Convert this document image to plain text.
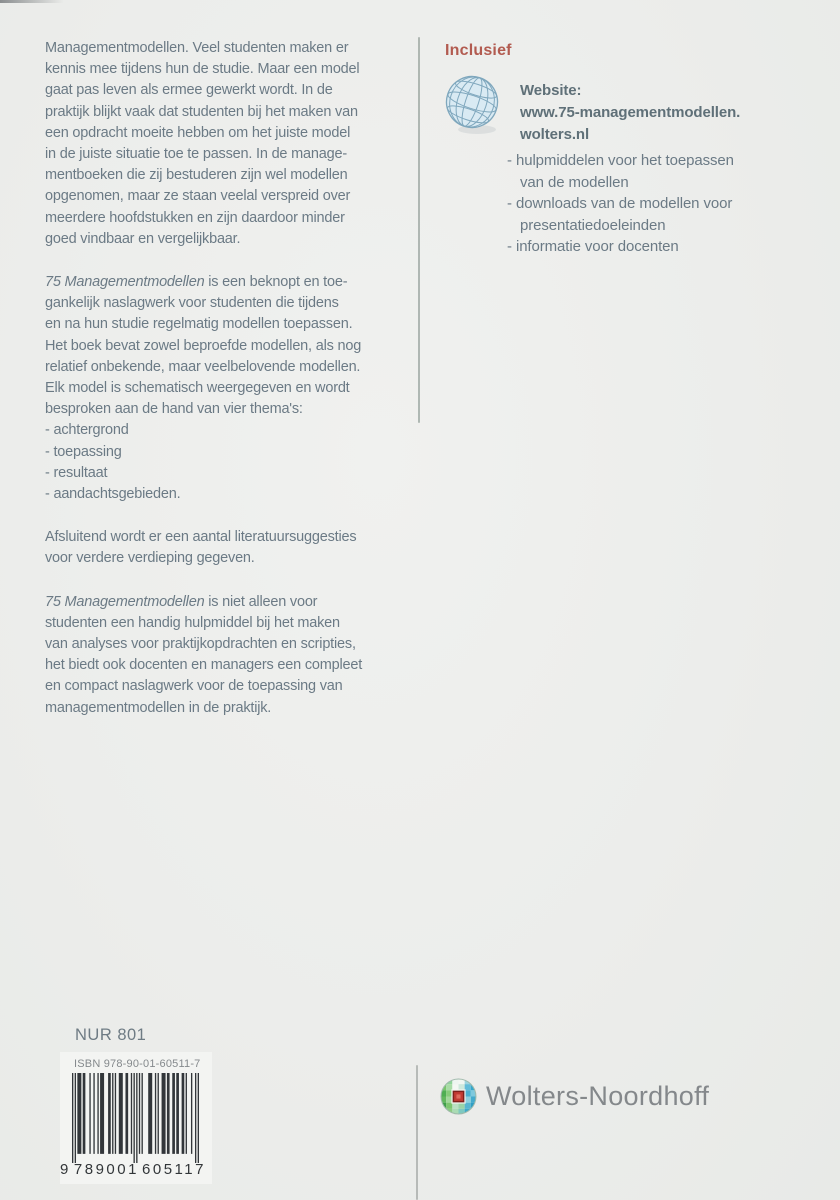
Managementmodellen. Veel studenten maken er
kennis mee tijdens hun de studie. Maar een model
gaat pas leven als ermee gewerkt wordt. In de
praktijk blijkt vaak dat studenten bij het maken van
een opdracht moeite hebben om het juiste model
in de juiste situatie toe te passen. In de manage-
mentboeken die zij bestuderen zijn wel modellen
opgenomen, maar ze staan veelal verspreid over
meerdere hoofdstukken en zijn daardoor minder
goed vindbaar en vergelijkbaar.
75 Managementmodellen is een beknopt en toe-
gankelijk naslagwerk voor studenten die tijdens
en na hun studie regelmatig modellen toepassen.
Het boek bevat zowel beproefde modellen, als nog
relatief onbekende, maar veelbelovende modellen.
Elk model is schematisch weergegeven en wordt
besproken aan de hand van vier thema's:
- achtergrond
- toepassing
- resultaat
- aandachtsgebieden.
Afsluitend wordt er een aantal literatuursuggesties
voor verdere verdieping gegeven.
75 Managementmodellen is niet alleen voor
studenten een handig hulpmiddel bij het maken
van analyses voor praktijkopdrachten en scripties,
het biedt ook docenten en managers een compleet
en compact naslagwerk voor de toepassing van
managementmodellen in de praktijk.
Inclusief
Website:
www.75-managementmodellen.
wolters.nl
- hulpmiddelen voor het toepassen
van de modellen
- downloads van de modellen voor
presentatiedoeleinden
- informatie voor docenten
NUR 801
ISBN 978-90-01-60511-7
9 789001 605117
Wolters-Noordhoff
